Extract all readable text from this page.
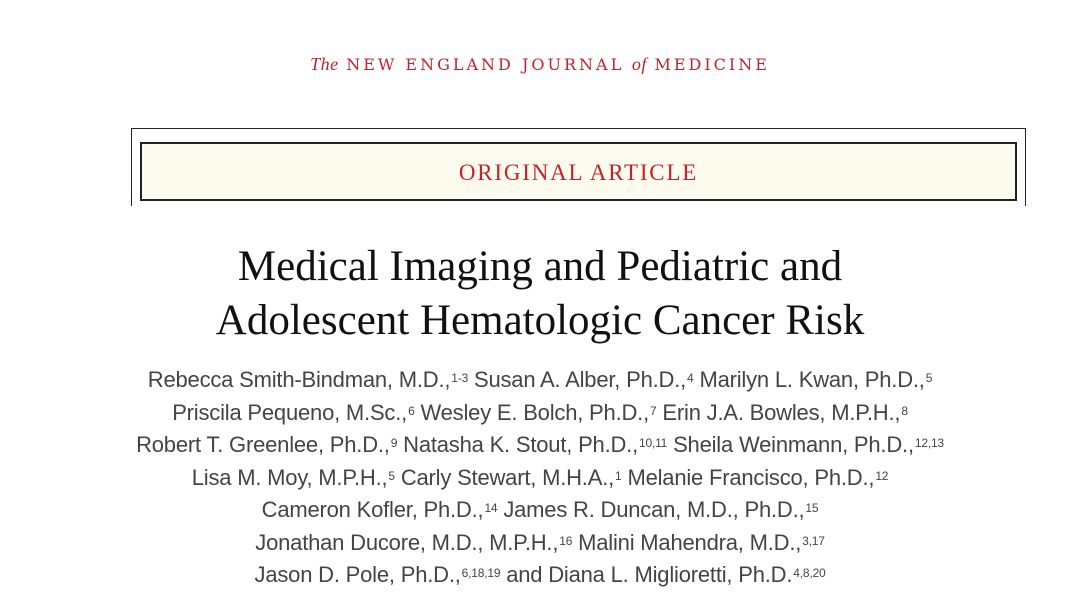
The NEW ENGLAND JOURNAL of MEDICINE
ORIGINAL ARTICLE
Medical Imaging and Pediatric and
Adolescent Hematologic Cancer Risk
Rebecca Smith-Bindman, M.D.,$^{1-3}$ Susan A. Alber, Ph.D.,$^4$ Marilyn L. Kwan, Ph.D.,$^5$
Priscila Pequeno, M.Sc.,$^6$ Wesley E. Bolch, Ph.D.,$^7$ Erin J.A. Bowles, M.P.H.,$^8$
Robert T. Greenlee, Ph.D.,$^9$ Natasha K. Stout, Ph.D.,$^{10,11}$ Sheila Weinmann, Ph.D.,$^{12,13}$
Lisa M. Moy, M.P.H.,$^5$ Carly Stewart, M.H.A.,$^1$ Melanie Francisco, Ph.D.,$^{12}$
Cameron Kofler, Ph.D.,$^{14}$ James R. Duncan, M.D., Ph.D.,$^{15}$
Jonathan Ducore, M.D., M.P.H.,$^{16}$ Malini Mahendra, M.D.,$^{3,17}$
Jason D. Pole, Ph.D.,$^{6,18,19}$ and Diana L. Miglioretti, Ph.D.$^{4,8,20}$
